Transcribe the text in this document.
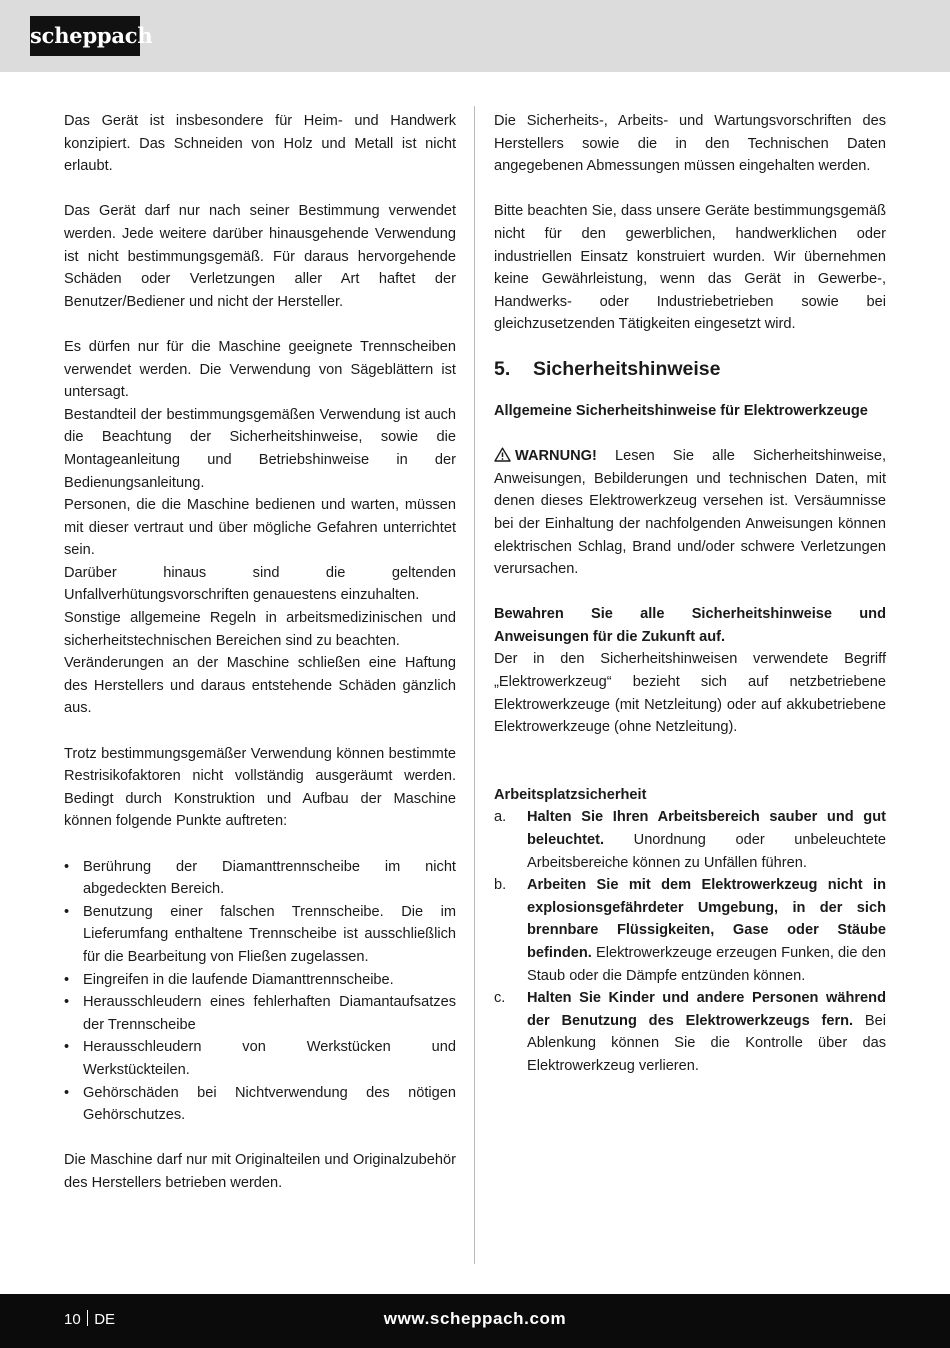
scheppach

Das Gerät ist insbesondere für Heim- und Handwerk konzipiert. Das Schneiden von Holz und Metall ist nicht erlaubt.

Das Gerät darf nur nach seiner Bestimmung verwendet werden. Jede weitere darüber hinausgehende Verwendung ist nicht bestimmungsgemäß. Für daraus hervorgehende Schäden oder Verletzungen aller Art haftet der Benutzer/Bediener und nicht der Hersteller.

Es dürfen nur für die Maschine geeignete Trennscheiben verwendet werden. Die Verwendung von Sägeblättern ist untersagt.

Bestandteil der bestimmungsgemäßen Verwendung ist auch die Beachtung der Sicherheitshinweise, sowie die Montageanleitung und Betriebshinweise in der Bedienungsanleitung.

Personen, die die Maschine bedienen und warten, müssen mit dieser vertraut und über mögliche Gefahren unterrichtet sein.

Darüber hinaus sind die geltenden Unfallverhütungsvorschriften genauestens einzuhalten.

Sonstige allgemeine Regeln in arbeitsmedizinischen und sicherheitstechnischen Bereichen sind zu beachten.

Veränderungen an der Maschine schließen eine Haftung des Herstellers und daraus entstehende Schäden gänzlich aus.

Trotz bestimmungsgemäßer Verwendung können bestimmte Restrisikofaktoren nicht vollständig ausgeräumt werden. Bedingt durch Konstruktion und Aufbau der Maschine können folgende Punkte auftreten:

• Berührung der Diamanttrennscheibe im nicht abgedeckten Bereich.
• Benutzung einer falschen Trennscheibe. Die im Lieferumfang enthaltene Trennscheibe ist ausschließlich für die Bearbeitung von Fließen zugelassen.
• Eingreifen in die laufende Diamanttrennscheibe.
• Herausschleudern eines fehlerhaften Diamantaufsatzes der Trennscheibe
• Herausschleudern von Werkstücken und Werkstückteilen.
• Gehörschäden bei Nichtverwendung des nötigen Gehörschutzes.

Die Maschine darf nur mit Originalteilen und Originalzubehör des Herstellers betrieben werden.

Die Sicherheits-, Arbeits- und Wartungsvorschriften des Herstellers sowie die in den Technischen Daten angegebenen Abmessungen müssen eingehalten werden.

Bitte beachten Sie, dass unsere Geräte bestimmungsgemäß nicht für den gewerblichen, handwerklichen oder industriellen Einsatz konstruiert wurden. Wir übernehmen keine Gewährleistung, wenn das Gerät in Gewerbe-, Handwerks- oder Industriebetrieben sowie bei gleichzusetzenden Tätigkeiten eingesetzt wird.

5.	Sicherheitshinweise

Allgemeine Sicherheitshinweise für Elektrowerkzeuge

WARNUNG! Lesen Sie alle Sicherheitshinweise, Anweisungen, Bebilderungen und technischen Daten, mit denen dieses Elektrowerkzeug versehen ist. Versäumnisse bei der Einhaltung der nachfolgenden Anweisungen können elektrischen Schlag, Brand und/oder schwere Verletzungen verursachen.

Bewahren Sie alle Sicherheitshinweise und Anweisungen für die Zukunft auf.

Der in den Sicherheitshinweisen verwendete Begriff „Elektrowerkzeug“ bezieht sich auf netzbetriebene Elektrowerkzeuge (mit Netzleitung) oder auf akkubetriebene Elektrowerkzeuge (ohne Netzleitung).

Arbeitsplatzsicherheit

a. Halten Sie Ihren Arbeitsbereich sauber und gut beleuchtet. Unordnung oder unbeleuchtete Arbeitsbereiche können zu Unfällen führen.
b. Arbeiten Sie mit dem Elektrowerkzeug nicht in explosionsgefährdeter Umgebung, in der sich brennbare Flüssigkeiten, Gase oder Stäube befinden. Elektrowerkzeuge erzeugen Funken, die den Staub oder die Dämpfe entzünden können.
c. Halten Sie Kinder und andere Personen während der Benutzung des Elektrowerkzeugs fern. Bei Ablenkung können Sie die Kontrolle über das Elektrowerkzeug verlieren.
10 DE	www.scheppach.com
